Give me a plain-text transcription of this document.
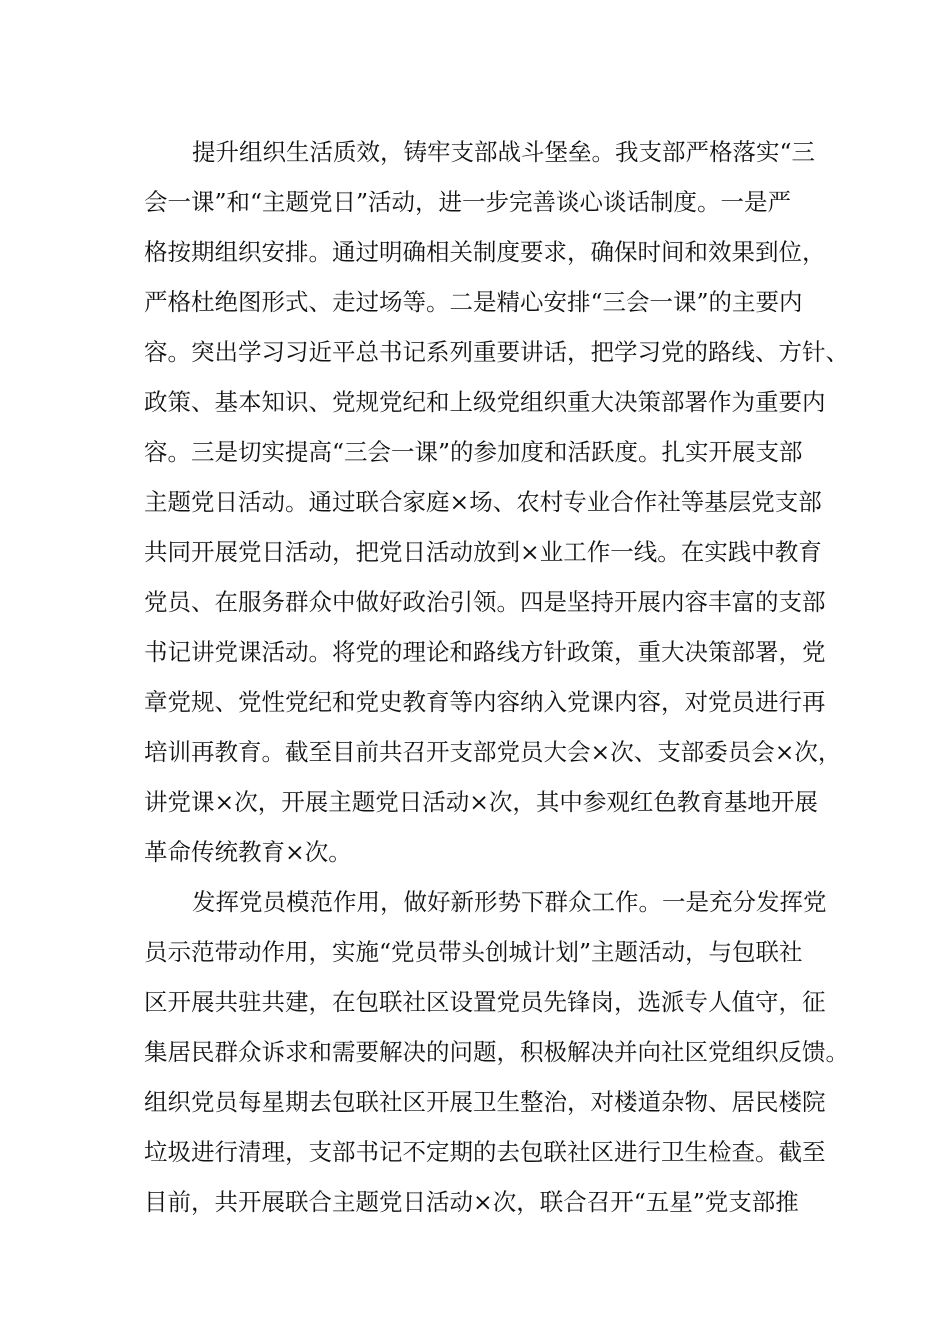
提升组织生活质效，铸牢支部战斗堡垒。我支部严格落实“三

会一课”和“主题党日”活动，进一步完善谈心谈话制度。一是严

格按期组织安排。通过明确相关制度要求，确保时间和效果到位，

严格杜绝图形式、走过场等。二是精心安排“三会一课”的主要内

容。突出学习习近平总书记系列重要讲话，把学习党的路线、方针、

政策、基本知识、党规党纪和上级党组织重大决策部署作为重要内

容。三是切实提高“三会一课”的参加度和活跃度。扎实开展支部

主题党日活动。通过联合家庭×场、农村专业合作社等基层党支部

共同开展党日活动，把党日活动放到×业工作一线。在实践中教育

党员、在服务群众中做好政治引领。四是坚持开展内容丰富的支部

书记讲党课活动。将党的理论和路线方针政策，重大决策部署，党

章党规、党性党纪和党史教育等内容纳入党课内容，对党员进行再

培训再教育。截至目前共召开支部党员大会×次、支部委员会×次，

讲党课×次，开展主题党日活动×次，其中参观红色教育基地开展

革命传统教育×次。

发挥党员模范作用，做好新形势下群众工作。一是充分发挥党

员示范带动作用，实施“党员带头创城计划”主题活动，与包联社

区开展共驻共建，在包联社区设置党员先锋岗，选派专人值守，征

集居民群众诉求和需要解决的问题，积极解决并向社区党组织反馈。

组织党员每星期去包联社区开展卫生整治，对楼道杂物、居民楼院

垃圾进行清理，支部书记不定期的去包联社区进行卫生检查。截至

目前，共开展联合主题党日活动×次，联合召开“五星”党支部推
